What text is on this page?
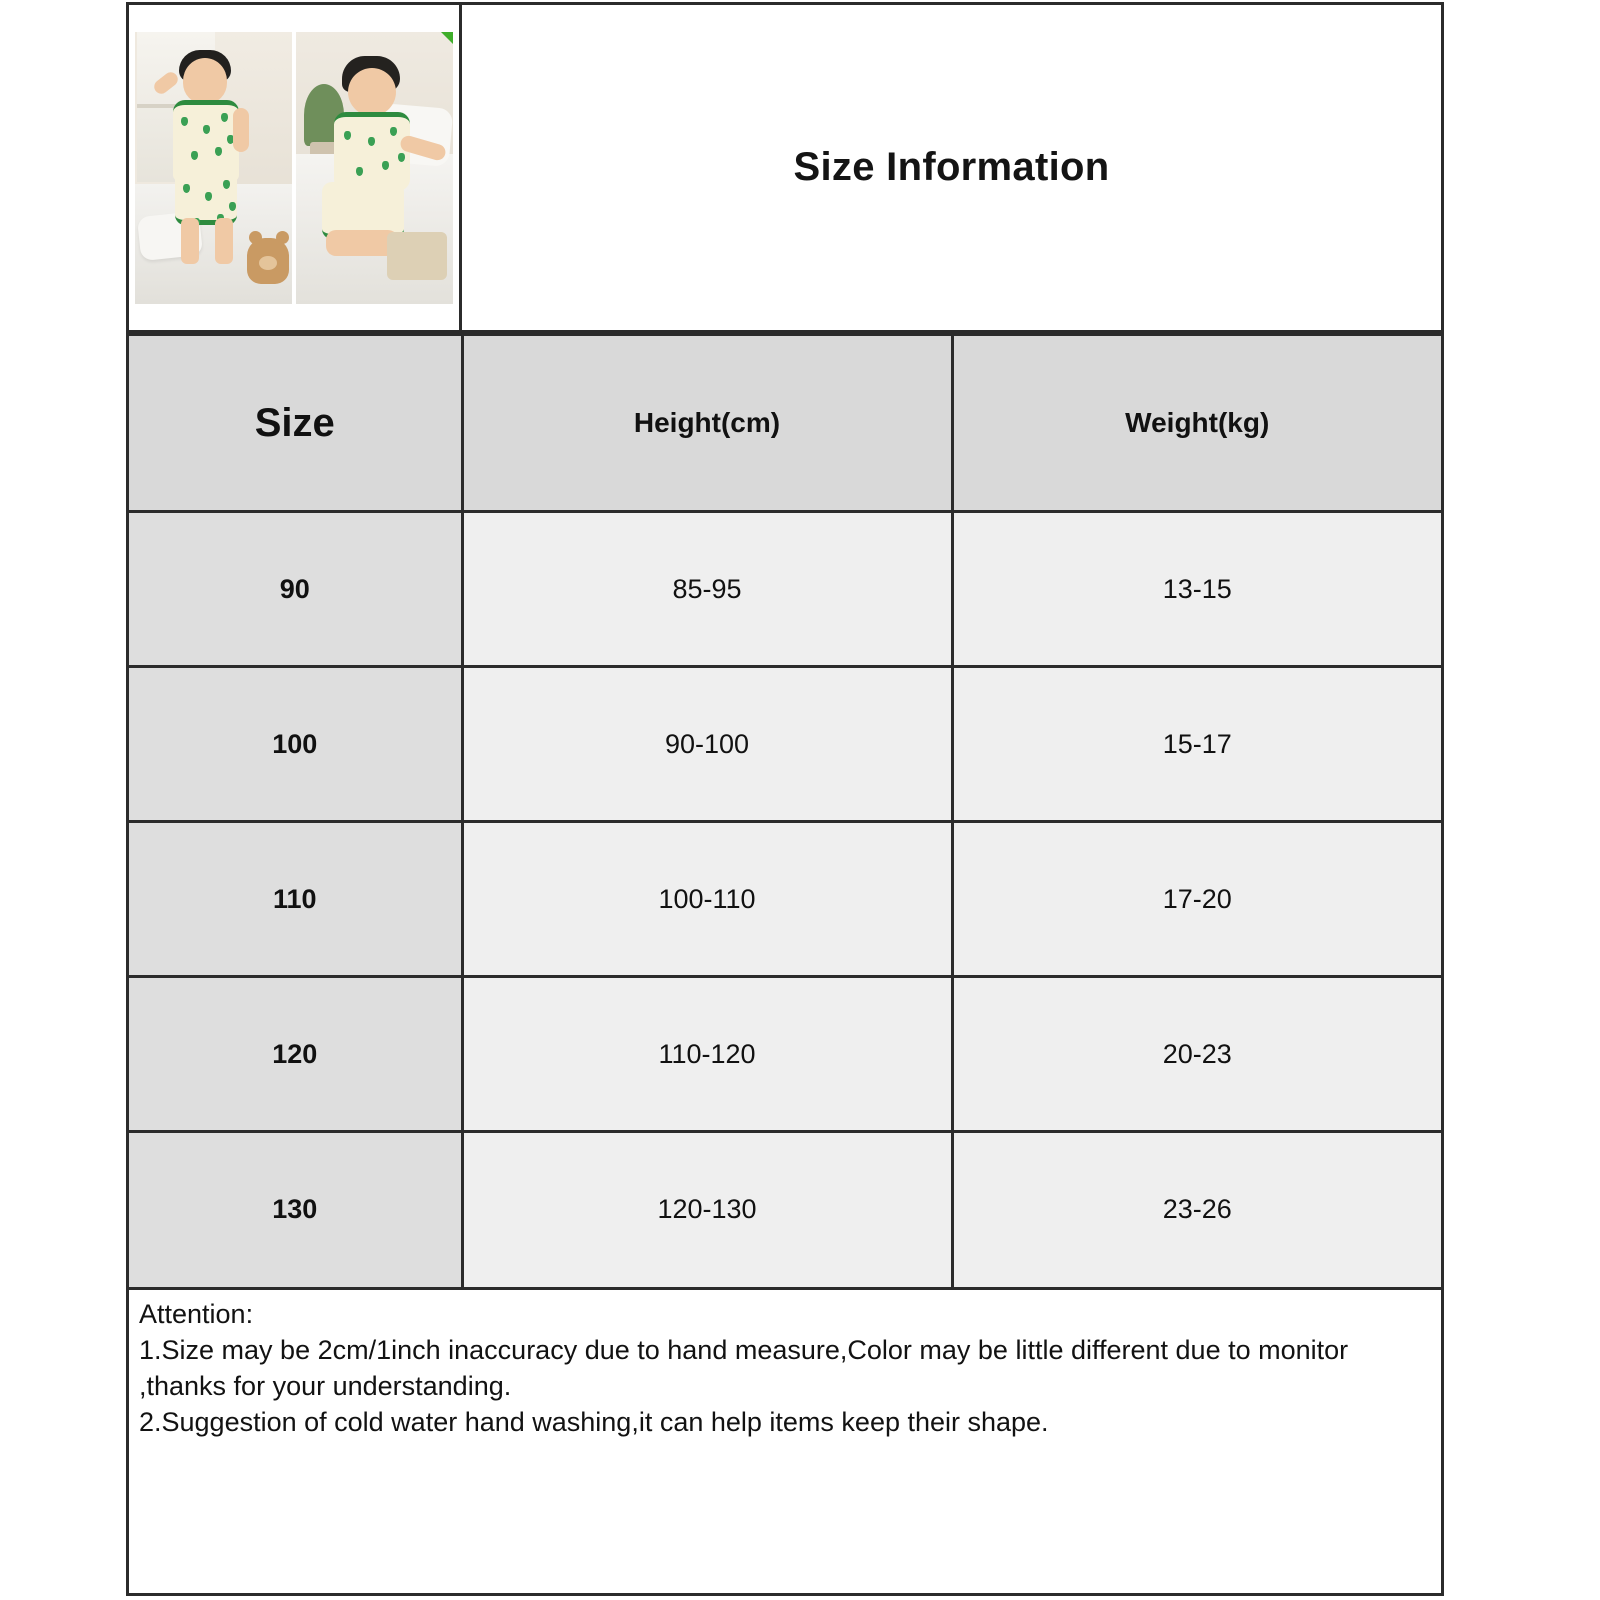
Size Information
Size	Height(cm)	Weight(kg)
90	85-95	13-15
100	90-100	15-17
110	100-110	17-20
120	110-120	20-23
130	120-130	23-26

Attention:

1.Size may be 2cm/1inch inaccuracy due to hand measure,Color may be little different due to monitor ,thanks for your understanding.

2.Suggestion of cold water hand washing,it can help items keep their shape.
